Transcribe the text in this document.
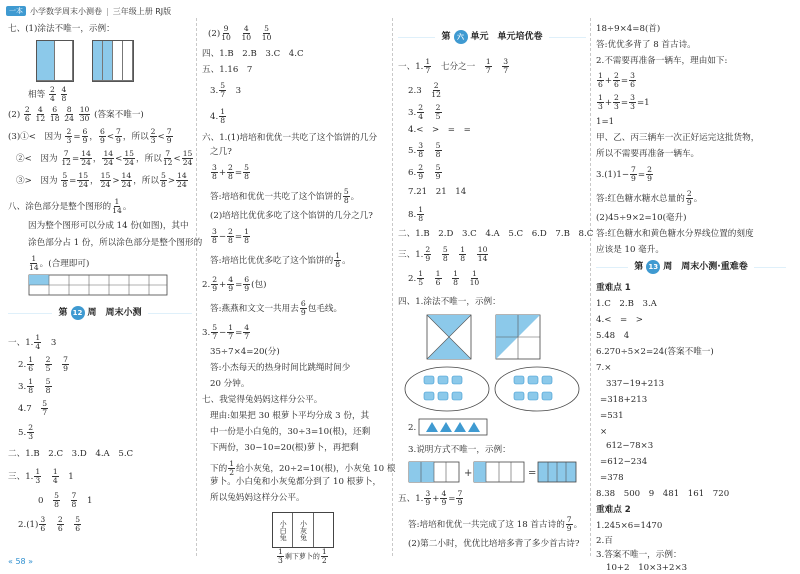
一本 小学数学周末小测卷 | 三年级上册 RJ版
七、(1)涂法不唯一，示例：
相等 $\frac{2}{4}$
$\frac{4}{8}$
$(2) \frac{2}{6}$
$\frac{4}{12}$
$\frac{6}{18}$
$\frac{8}{24}$
$\frac{10}{30}$ (答案不唯一)
(3)①<　因为 $\frac{2}{3} = \frac{6}{9}$ ， $\frac{6}{9} < \frac{7}{9}$ ，所以 $\frac{2}{3} < \frac{7}{9}$
②<　因为 $\frac{7}{12} = \frac{14}{24}$ ， $\frac{14}{24} < \frac{15}{24}$ ，所以 $\frac{7}{12} < \frac{15}{24}$
③>　因为 $\frac{5}{8} = \frac{15}{24}$ ， $\frac{15}{24} > \frac{14}{24}$ ，所以 $\frac{5}{8} > \frac{14}{24}$
八、涂色部分是整个图形的 $\frac{1}{14}$ 。
因为整个图形可以分成 14 份(如图)，其中
涂色部分占 1 份，所以涂色部分是整个图形的
$\frac{1}{14}$ 。(合理即可)
第 12 周　周末小测
一、1. $\frac{1}{4}$
　 3
2. $\frac{1}{6}$
　 $\frac{2}{5}$
　 $\frac{7}{9}$
3. $\frac{1}{8}$
　 $\frac{5}{8}$
4.7　 $\frac{5}{7}$
5. $\frac{2}{3}$
二、1.B　2.C　3.D　4.A　5.C
三、1. $\frac{1}{3}$
　 $\frac{1}{4}$
　 1
0　 $\frac{5}{8}$
　 $\frac{7}{8}$ 　1
$2.(1) \frac{3}{6}$
　 $\frac{2}{6}$
　 $\frac{5}{6}$
$(2) \frac{9}{10}$
　 $\frac{4}{10}$
　 $\frac{5}{10}$
四、1.B　2.B　3.C　4.C
五、1.16　7
3. $\frac{5}{7}$
　 3
4. $\frac{1}{8}$
六、1.(1)培培和优优一共吃了这个馅饼的几分
之几?
$\frac{3}{8} + \frac{2}{8} = \frac{5}{8}$
答:培培和优优一共吃了这个馅饼的 $\frac{5}{8}$ 。
(2)培培比优优多吃了这个馅饼的几分之几?
$\frac{3}{8} - \frac{2}{8} = \frac{1}{8}$
答:培培比优优多吃了这个馅饼的 $\frac{1}{8}$ 。
2. $\frac{2}{9} + \frac{4}{9} = \frac{6}{9}$ (包)
答:燕燕和文文一共用去 $\frac{6}{9}$ 包毛线。
3. $\frac{5}{7} - \frac{1}{7} = \frac{4}{7}$
35÷7×4=20(分)
答:小杰每天的热身时间比跳绳时间少
20 分钟。
七、我觉得兔妈妈这样分公平。
理由:如果把 30 根萝卜平均分成 3 份，其
中一份是小白兔的，30÷3=10(根)，还剩
下两份，30−10=20(根)萝卜，再把剩
下的 $\frac{1}{2}$ 给小灰兔，20÷2=10(根)，小灰兔 10 根
萝卜。小白兔和小灰兔都分到了 10 根萝卜，
所以兔妈妈这样分公平。
小白兔	小灰兔
$\frac{1}{3}$ 剩下萝卜的 $\frac{1}{2}$
第 六 单元　单元培优卷
一、1. $\frac{1}{7}$
　 七分之一　 $\frac{1}{7}$
　 $\frac{3}{7}$
2.3　 $\frac{2}{12}$
3. $\frac{2}{4}$
　 $\frac{2}{5}$
4.<　>　=　=
5. $\frac{3}{8}$
　 $\frac{5}{8}$
6. $\frac{2}{9}$
　 $\frac{5}{9}$
7.21　21　14
8. $\frac{1}{8}$
二、1.B　2.D　3.C　4.A　5.C　6.D　7.B　8.C
三、1. $\frac{2}{9}$
　 $\frac{5}{8}$
　 $\frac{1}{8}$
　 $\frac{10}{14}$
2. $\frac{1}{5}$
　 $\frac{1}{6}$
　 $\frac{1}{8}$
　 $\frac{1}{10}$
四、1.涂法不唯一，示例：
2.
3.说明方式不唯一，示例：
+	=
五、1. $\frac{3}{9} + \frac{4}{9} = \frac{7}{9}$
答:培培和优优一共完成了这 18 首古诗的 $\frac{7}{9}$ 。
(2)第二小时，优优比培培多背了多少首古诗?
18÷9×4=8(首)
答:优优多背了 8 首古诗。
2.不需要再准备一辆车，理由如下:
$\frac{1}{6} + \frac{2}{6} = \frac{3}{6}$
$\frac{1}{3} + \frac{2}{3} = \frac{3}{3} =1$
1=1
甲、乙、丙三辆车一次正好运完这批货物，
所以不需要再准备一辆车。
$3.(1)1- \frac{7}{9} = \frac{2}{9}$
答:红色糖水糖水总量的 $\frac{2}{9}$ 。
(2)45÷9×2=10(毫升)
答:红色糖水和黄色糖水分界线位置的刻度
应该是 10 毫升。
第 13 周　周末小测·重难卷
重难点 1
1.C　2.B　3.A
4.<　=　>
5.48　4
6.270÷5×2=24(答案不唯一)
7.×
337−19+213
=318+213
=531
×
612−78×3
=612−234
=378
8.38　500　9　481　161　720
重难点 2
1.245×6=1470
2.百
3.答案不唯一，示例：
10+2　10×3+2×3
« 58 »
